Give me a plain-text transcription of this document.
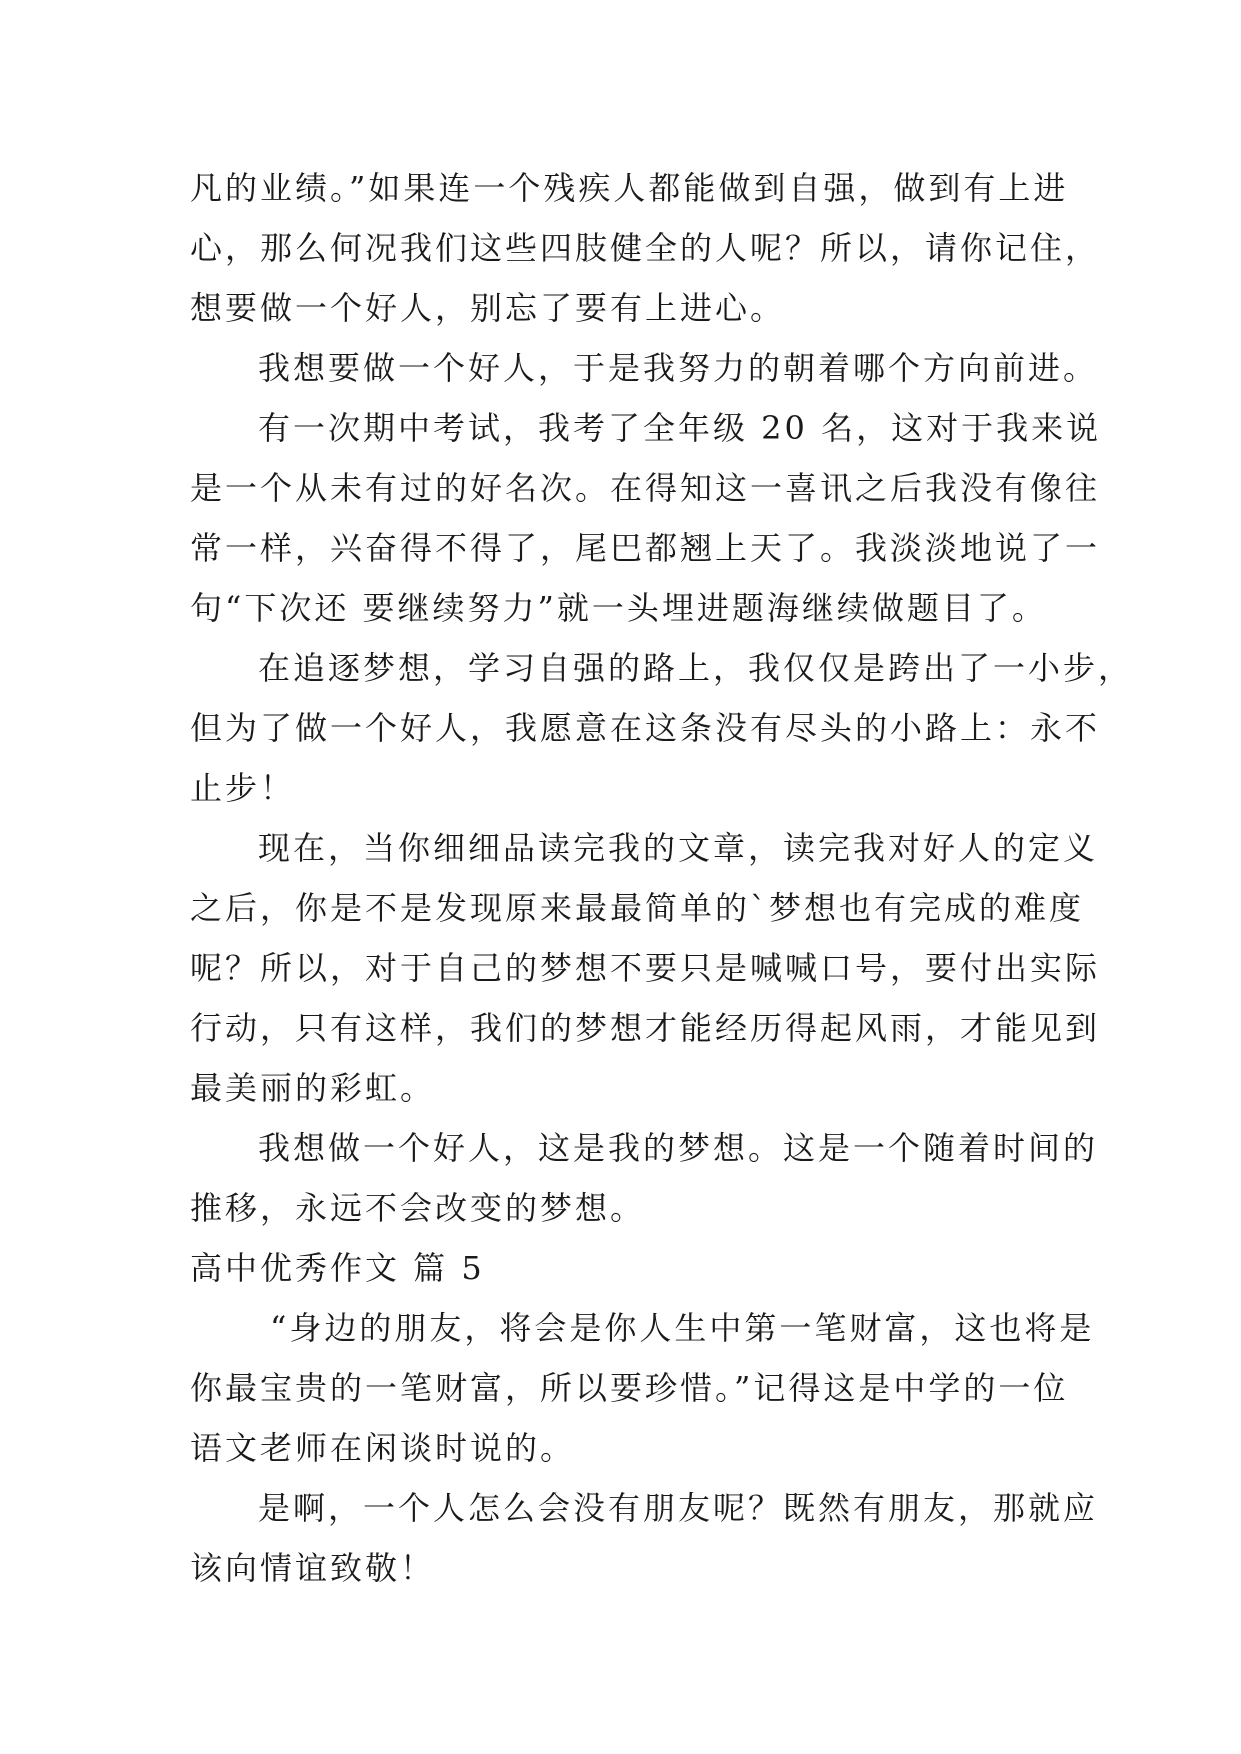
凡的业绩。”如果连一个残疾人都能做到自强，做到有上进
心，那么何况我们这些四肢健全的人呢？所以，请你记住，
想要做一个好人，别忘了要有上进心。
我想要做一个好人，于是我努力的朝着哪个方向前进。
有一次期中考试，我考了全年级 20 名，这对于我来说
是一个从未有过的好名次。在得知这一喜讯之后我没有像往
常一样，兴奋得不得了，尾巴都翘上天了。我淡淡地说了一
句“下次还 要继续努力”就一头埋进题海继续做题目了。
在追逐梦想，学习自强的路上，我仅仅是跨出了一小步，
但为了做一个好人，我愿意在这条没有尽头的小路上：永不
止步！
现在，当你细细品读完我的文章，读完我对好人的定义
之后，你是不是发现原来最最简单的`梦想也有完成的难度
呢？所以，对于自己的梦想不要只是喊喊口号，要付出实际
行动，只有这样，我们的梦想才能经历得起风雨，才能见到
最美丽的彩虹。
我想做一个好人，这是我的梦想。这是一个随着时间的
推移，永远不会改变的梦想。
高中优秀作文 篇 5
“身边的朋友，将会是你人生中第一笔财富，这也将是
你最宝贵的一笔财富，所以要珍惜。”记得这是中学的一位
语文老师在闲谈时说的。
是啊，一个人怎么会没有朋友呢？既然有朋友，那就应
该向情谊致敬！
